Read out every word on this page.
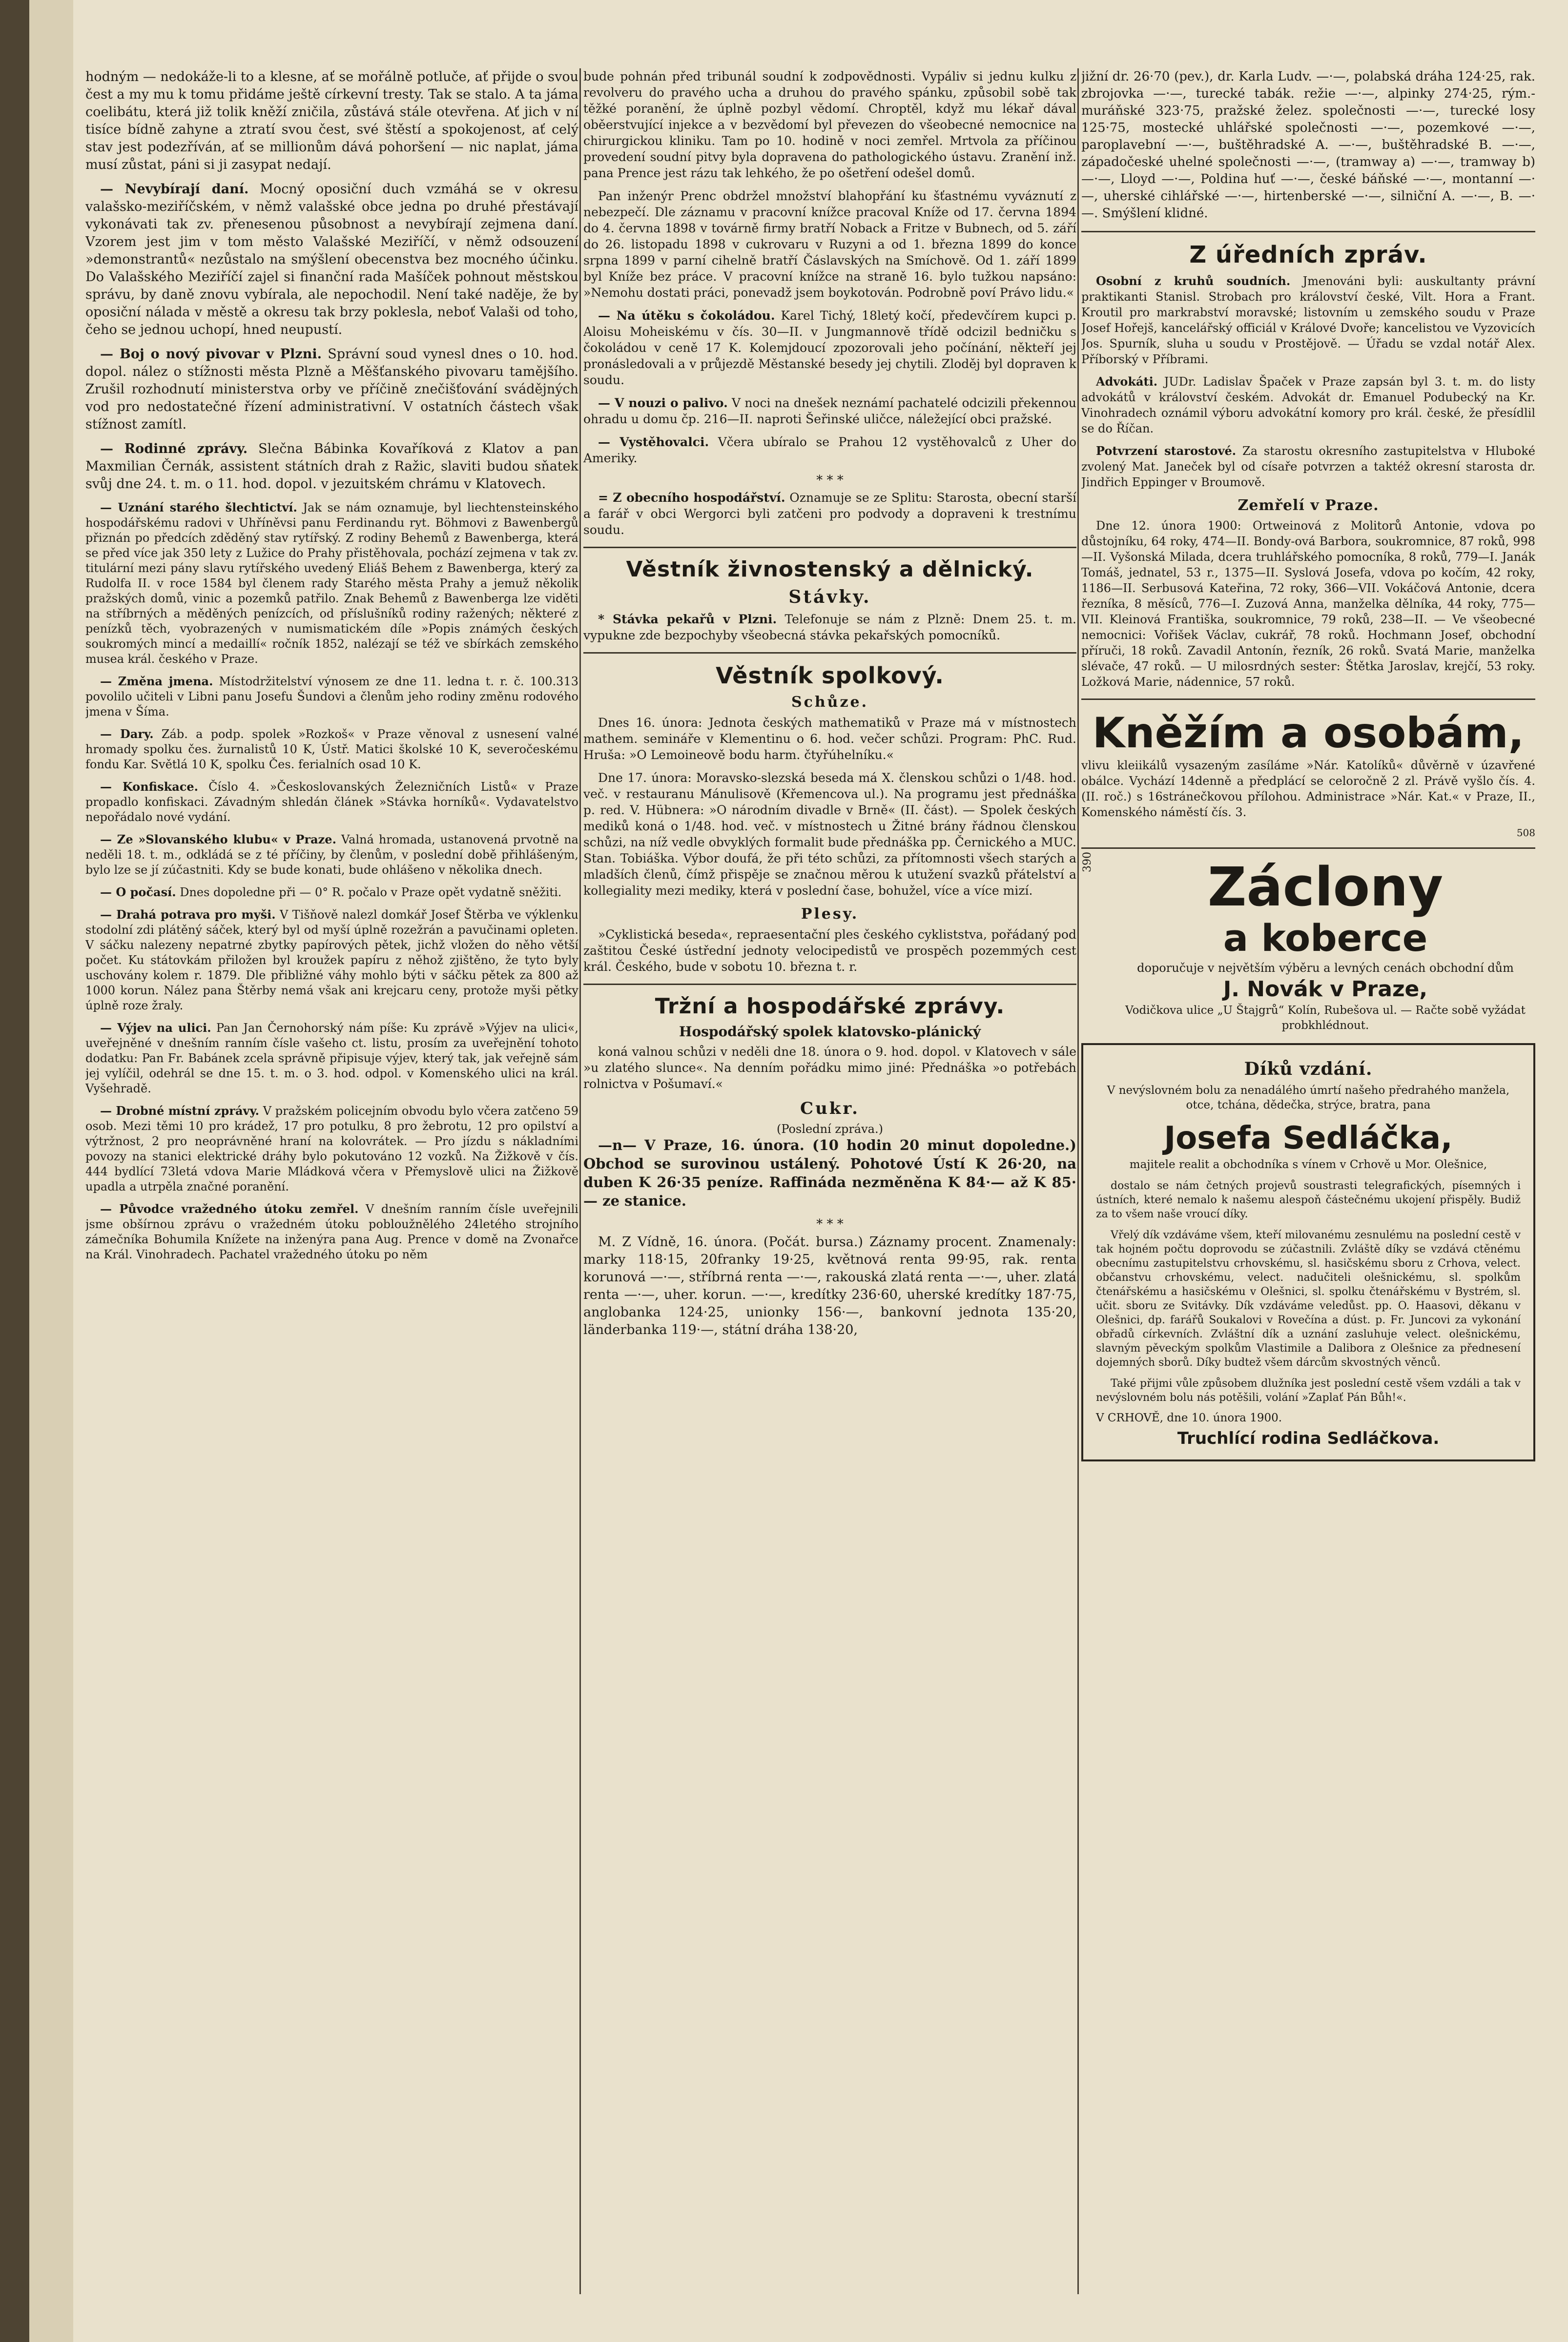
hodným — nedokáže-li to a klesne, ať se mořálně potluče, ať přijde o svou čest a my mu k tomu přidáme ještě církevní tresty. Tak se stalo. A ta jáma coelibátu, která již tolik kněží zničila, zůstává stále otevřena. Ať jich v ní tisíce bídně zahyne a ztratí svou čest, své štěstí a spokojenost, ať celý stav jest podezříván, ať se millionům dává pohoršení — nic naplat, jáma musí zůstat, páni si ji zasypat nedají.

— Nevybírají daní. Mocný oposiční duch vzmáhá se v okresu valašsko-meziříčském, v němž valašské obce jedna po druhé přestávají vykonávati tak zv. přenesenou působnost a nevybírají zejmena daní. Vzorem jest jim v tom město Valašské Meziříčí, v němž odsouzení »demonstrantů« nezůstalo na smýšlení obecenstva bez mocného účinku. Do Valašského Meziříčí zajel si finanční rada Mašíček pohnout městskou správu, by daně znovu vybírala, ale nepochodil. Není také naděje, že by oposiční nálada v městě a okresu tak brzy poklesla, neboť Valaši od toho, čeho se jednou uchopí, hned neupustí.

— Boj o nový pivovar v Plzni. Správní soud vynesl dnes o 10. hod. dopol. nález o stížnosti města Plzně a Měšťanského pivovaru tamějšího. Zrušil rozhodnutí ministerstva orby ve příčině znečišťování svádějných vod pro nedostatečné řízení administrativní. V ostatních částech však stížnost zamítl.

— Rodinné zprávy. Slečna Bábinka Kovaříková z Klatov a pan Maxmilian Černák, assistent státních drah z Ražic, slaviti budou sňatek svůj dne 24. t. m. o 11. hod. dopol. v jezuitském chrámu v Klatovech.

— Uznání starého šlechtictví. Jak se nám oznamuje, byl liechtensteinského hospodářskému radovi v Uhříněvsi panu Ferdinandu ryt. Böhmovi z Bawenbergů přiznán po předcích zděděný stav rytířský. Z rodiny Behemů z Bawenberga, která se před více jak 350 lety z Lužice do Prahy přistěhovala, pochází zejmena v tak zv. titulární mezi pány slavu rytířského uvedený Eliáš Behem z Bawenberga, který za Rudolfa II. v roce 1584 byl členem rady Starého města Prahy a jemuž několik pražských domů, vinic a pozemků patřilo. Znak Behemů z Bawenberga lze viděti na stříbrných a měděných penízcích, od příslušníků rodiny ražených; některé z penízků těch, vyobrazených v numismatickém díle »Popis známých českých soukromých mincí a medaillí« ročník 1852, nalézají se též ve sbírkách zemského musea král. českého v Praze.

— Změna jmena. Místodržitelství výnosem ze dne 11. ledna t. r. č. 100.313 povolilo učiteli v Libni panu Josefu Šundovi a členům jeho rodiny změnu rodového jmena v Šíma.

— Dary. Záb. a podp. spolek »Rozkoš« v Praze věnoval z usnesení valné hromady spolku čes. žurnalistů 10 K, Ústř. Matici školské 10 K, severočeskému fondu Kar. Světlá 10 K, spolku Čes. ferialních osad 10 K.

— Konfiskace. Číslo 4. »Českoslovanských Železničních Listů« v Praze propadlo konfiskaci. Závadným shledán článek »Stávka horníků«. Vydavatelstvo nepořádalo nové vydání.

— Ze »Slovanského klubu« v Praze. Valná hromada, ustanovená prvotně na neděli 18. t. m., odkládá se z té příčiny, by členům, v poslední době přihlášeným, bylo lze se jí zúčastniti. Kdy se bude konati, bude ohlášeno v několika dnech.

— O počasí. Dnes dopoledne při — 0° R. počalo v Praze opět vydatně sněžiti.

— Drahá potrava pro myši. V Tišňově nalezl domkář Josef Štěrba ve výklenku stodolní zdi plátěný sáček, který byl od myší úplně rozežrán a pavučinami opleten. V sáčku nalezeny nepatrné zbytky papírových pětek, jichž vložen do něho větší počet. Ku státovkám přiložen byl kroužek papíru z něhož zjištěno, že tyto byly uschovány kolem r. 1879. Dle přibližné váhy mohlo býti v sáčku pětek za 800 až 1000 korun. Nález pana Štěrby nemá však ani krejcaru ceny, protože myši pětky úplně roze žraly.

— Výjev na ulici. Pan Jan Černohorský nám píše: Ku zprávě »Výjev na ulici«, uveřejněné v dnešním ranním čísle vašeho ct. listu, prosím za uveřejnění tohoto dodatku: Pan Fr. Babánek zcela správně připisuje výjev, který tak, jak veřejně sám jej vylíčil, odehrál se dne 15. t. m. o 3. hod. odpol. v Komenského ulici na král. Vyšehradě.

— Drobné místní zprávy. V pražském policejním obvodu bylo včera zatčeno 59 osob. Mezi těmi 10 pro krádež, 17 pro potulku, 8 pro žebrotu, 12 pro opilství a výtržnost, 2 pro neoprávněné hraní na kolovrátek. — Pro jízdu s nákladními povozy na stanici elektrické dráhy bylo pokutováno 12 vozků. Na Žižkově v čís. 444 bydlící 73letá vdova Marie Mládková včera v Přemyslově ulici na Žižkově upadla a utrpěla značné poranění.

— Původce vražedného útoku zemřel. V dnešním ranním čísle uveřejnili jsme obšírnou zprávu o vražedném útoku pobloužnělého 24letého strojního zámečníka Bohumila Knížete na inženýra pana Aug. Prence v domě na Zvonařce na Král. Vinohradech. Pachatel vražedného útoku po něm

bude pohnán před tribunál soudní k zodpovědnosti. Vypáliv si jednu kulku z revolveru do pravého ucha a druhou do pravého spánku, způsobil sobě tak těžké poranění, že úplně pozbyl vědomí. Chroptěl, když mu lékař dával oběerstvující injekce a v bezvědomí byl převezen do všeobecné nemocnice na chirurgickou kliniku. Tam po 10. hodině v noci zemřel. Mrtvola za příčinou provedení soudní pitvy byla dopravena do pathologického ústavu. Zranění inž. pana Prence jest rázu tak lehkého, že po ošetření odešel domů.

Pan inženýr Prenc obdržel množství blahopřání ku šťastnému vyváznutí z nebezpečí. Dle záznamu v pracovní knížce pracoval Kníže od 17. června 1894 do 4. června 1898 v továrně firmy bratří Noback a Fritze v Bubnech, od 5. září do 26. listopadu 1898 v cukrovaru v Ruzyni a od 1. března 1899 do konce srpna 1899 v parní cihelně bratří Čáslavských na Smíchově. Od 1. září 1899 byl Kníže bez práce. V pracovní knížce na straně 16. bylo tužkou napsáno: »Nemohu dostati práci, ponevadž jsem boykotován. Podrobně poví Právo lidu.«

— Na útěku s čokoládou. Karel Tichý, 18letý kočí, předevčírem kupci p. Aloisu Moheiskému v čís. 30—II. v Jungmannově třídě odcizil bedničku s čokoládou v ceně 17 K. Kolemjdoucí zpozorovali jeho počínání, někteří jej pronásledovali a v průjezdě Městanské besedy jej chytili. Zloděj byl dopraven k soudu.

— V nouzi o palivo. V noci na dnešek neznámí pachatelé odcizili překennou ohradu u domu čp. 216—II. naproti Šeřinské uličce, náležející obci pražské.

— Vystěhovalci. Včera ubíralo se Prahou 12 vystěhovalců z Uher do Ameriky.

* * *

= Z obecního hospodářství. Oznamuje se ze Splitu: Starosta, obecní starší a farář v obci Wergorci byli zatčeni pro podvody a dopraveni k trestnímu soudu.

Věstník živnostenský a dělnický.
Stávky.

* Stávka pekařů v Plzni. Telefonuje se nám z Plzně: Dnem 25. t. m. vypukne zde bezpochyby všeobecná stávka pekařských pomocníků.

Věstník spolkový.
Schůze.

Dnes 16. února: Jednota českých mathematiků v Praze má v místnostech mathem. semináře v Klementinu o 6. hod. večer schůzi. Program: PhC. Rud. Hruša: »O Lemoineově bodu harm. čtyřúhelníku.«

Dne 17. února: Moravsko-slezská beseda má X. členskou schůzi o 1/48. hod. več. v restauranu Mánulisově (Křemencova ul.). Na programu jest přednáška p. red. V. Hübnera: »O národním divadle v Brně« (II. část). — Spolek českých mediků koná o 1/48. hod. več. v místnostech u Žitné brány řádnou členskou schůzi, na níž vedle obvyklých formalit bude přednáška pp. Černického a MUC. Stan. Tobiáška. Výbor doufá, že při této schůzi, za přítomnosti všech starých a mladších členů, čímž přispěje se značnou měrou k utužení svazků přátelství a kollegiality mezi mediky, která v poslední čase, bohužel, více a více mizí.

Plesy.

»Cyklistická beseda«, repraesentační ples českého cykliststva, pořádaný pod zaštitou České ústřední jednoty velocipedistů ve prospěch pozemmých cest král. Českého, bude v sobotu 10. března t. r.

Tržní a hospodářské zprávy.
Hospodářský spolek klatovsko-plánický

koná valnou schůzi v neděli dne 18. února o 9. hod. dopol. v Klatovech v sále »u zlatého slunce«. Na denním pořádku mimo jiné: Přednáška »o potřebách rolnictva v Pošumaví.«

Cukr.
(Poslední zpráva.)

—n— V Praze, 16. února. (10 hodin 20 minut dopoledne.) Obchod se surovinou ustálený. Pohotové Ústí K 26·20, na duben K 26·35 peníze. Raffináda nezměněna K 84·— až K 85·— ze stanice.

* * *

M. Z Vídně, 16. února. (Počát. bursa.) Záznamy procent. Znamenaly: marky 118·15, 20franky 19·25, květnová renta 99·95, rak. renta korunová —·—, stříbrná renta —·—, rakouská zlatá renta —·—, uher. zlatá renta —·—, uher. korun. —·—, kredítky 236·60, uherské kredítky 187·75, anglobanka 124·25, unionky 156·—, bankovní jednota 135·20, länderbanka 119·—, státní dráha 138·20,

jižní dr. 26·70 (pev.), dr. Karla Ludv. —·—, polabská dráha 124·25, rak. zbrojovka —·—, turecké tabák. režie —·—, alpinky 274·25, rým.-muráňské 323·75, pražské želez. společnosti —·—, turecké losy 125·75, mostecké uhlářské společnosti —·—, pozemkové —·—, paroplavební —·—, buštěhradské A. —·—, buštěhradské B. —·—, západočeské uhelné společnosti —·—, (tramway a) —·—, tramway b) —·—, Lloyd —·—, Poldina huť —·—, české báňské —·—, montanní —·—, uherské cihlářské —·—, hirtenberské —·—, silniční A. —·—, B. —·—. Smýšlení klidné.

Z úředních zpráv.

Osobní z kruhů soudních. Jmenováni byli: auskultanty právní praktikanti Stanisl. Strobach pro království české, Vilt. Hora a Frant. Kroutil pro markrabství moravské; listovním u zemského soudu v Praze Josef Hořejš, kancelářský officiál v Králové Dvoře; kancelistou ve Vyzovicích Jos. Spurník, sluha u soudu v Prostějově. — Úřadu se vzdal notář Alex. Příborský v Příbrami.

Advokáti. JUDr. Ladislav Špaček v Praze zapsán byl 3. t. m. do listy advokátů v království českém. Advokát dr. Emanuel Podubecký na Kr. Vinohradech oznámil výboru advokátní komory pro král. české, že přesídlil se do Říčan.

Potvrzení starostové. Za starostu okresního zastupitelstva v Hluboké zvolený Mat. Janeček byl od císaře potvrzen a taktéž okresní starosta dr. Jindřich Eppinger v Broumově.

Zemřelí v Praze.

Dne 12. února 1900: Ortweinová z Molitorů Antonie, vdova po důstojníku, 64 roky, 474—II. Bondy-ová Barbora, soukromnice, 87 roků, 998—II. Vyšonská Milada, dcera truhlářského pomocníka, 8 roků, 779—I. Janák Tomáš, jednatel, 53 r., 1375—II. Syslová Josefa, vdova po kočím, 42 roky, 1186—II. Serbusová Kateřina, 72 roky, 366—VII. Vokáčová Antonie, dcera řezníka, 8 měsíců, 776—I. Zuzová Anna, manželka dělníka, 44 roky, 775—VII. Kleinová Františka, soukromnice, 79 roků, 238—II. — Ve všeobecné nemocnici: Vořišek Václav, cukrář, 78 roků. Hochmann Josef, obchodní příruči, 18 roků. Zavadil Antonín, řezník, 26 roků. Svatá Marie, manželka slévače, 47 roků. — U milosrdných sester: Štětka Jaroslav, krejčí, 53 roky. Ložková Marie, nádennice, 57 roků.

Kněžím a osobám,

vlivu kleiikálů vysazeným zasíláme »Nár. Katolíků« důvěrně v úzavřené obálce. Vychází 14denně a předplácí se celoročně 2 zl. Právě vyšlo čís. 4. (II. roč.) s 16stránečkovou přílohou. Administrace »Nár. Kat.« v Praze, II., Komenského náměstí čís. 3.

508
390	Záclony
a koberce
doporučuje v největším výběru a levných cenách obchodní dům
J. Novák v Praze,
Vodičkova ulice „U Štajgrů“ Kolín, Rubešova ul. — Račte sobě vyžádat probkhlédnout.
Díků vzdání.

V nevýslovném bolu za nenadálého úmrtí našeho předrahého manžela, otce, tchána, dědečka, strýce, bratra, pana

Josefa Sedláčka,

majitele realit a obchodníka s vínem v Crhově u Mor. Olešnice,

dostalo se nám četných projevů soustrasti telegrafických, písemných i ústních, které nemalo k našemu alespoň částečnému ukojení přispěly. Budiž za to všem naše vroucí díky.

Vřelý dík vzdáváme všem, kteří milovanému zesnulému na poslední cestě v tak hojném počtu doprovodu se zúčastnili. Zvláště díky se vzdává ctěnému obecnímu zastupitelstvu crhovskému, sl. hasičskému sboru z Crhova, velect. občanstvu crhovskému, velect. nadučiteli olešnickému, sl. spolkům čtenářskému a hasičskému v Olešnici, sl. spolku čtenářskému v Bystrém, sl. učit. sboru ze Svitávky. Dík vzdáváme veledůst. pp. O. Haasovi, děkanu v Olešnici, dp. farářů Soukalovi v Rovečína a dúst. p. Fr. Juncovi za vykonání obřadů církevních. Zvláštní dík a uznání zasluhuje velect. olešnickému, slavným pěveckým spolkům Vlastimile a Dalibora z Olešnice za přednesení dojemných sborů. Díky budtež všem dárcům skvostných věnců.

Také přijmi vůle způsobem dlužníka jest poslední cestě všem vzdáli a tak v nevýslovném bolu nás potěšili, volání »Zaplať Pán Bůh!«.

V CRHOVĚ, dne 10. února 1900.
Truchlící rodina Sedláčkova.
